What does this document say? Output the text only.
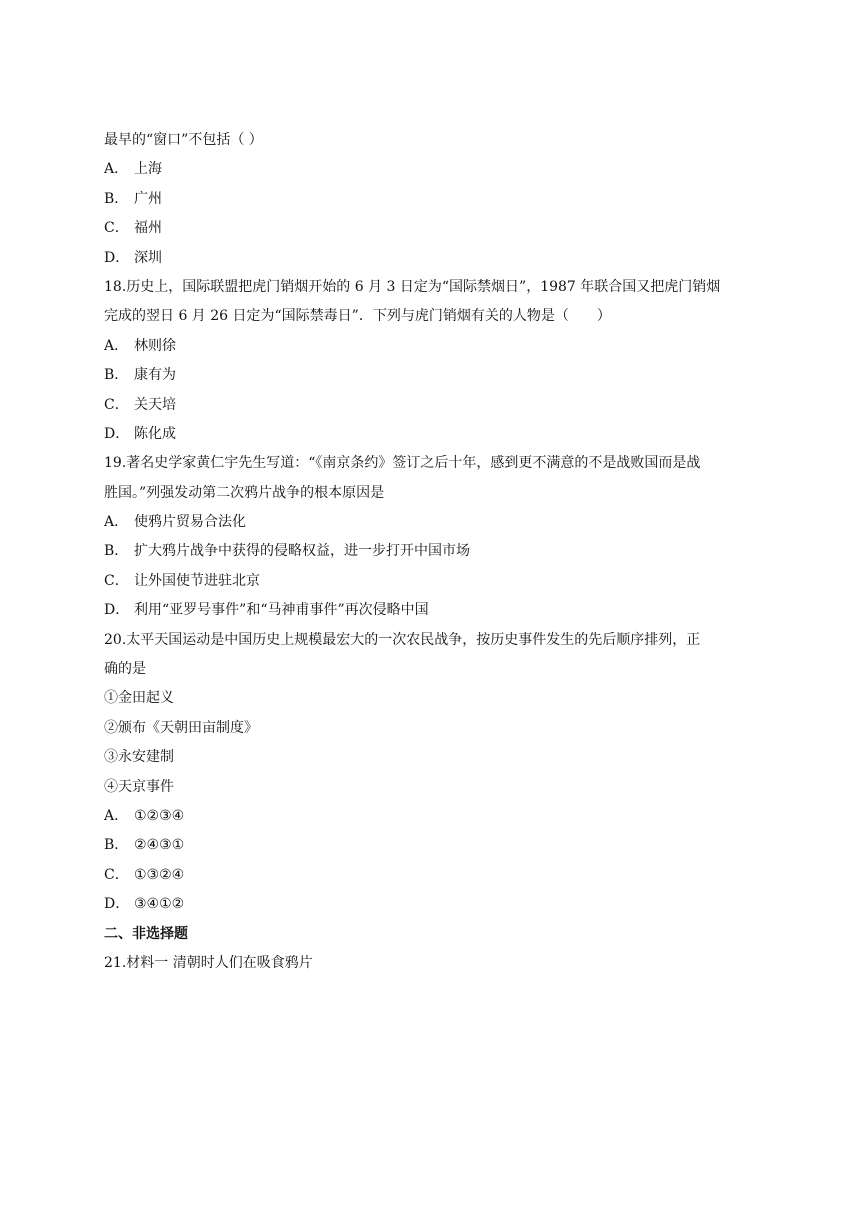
最早的“窗口”不包括（ ）
A． 上海
B． 广州
C． 福州
D． 深圳
18.历史上，国际联盟把虎门销烟开始的 6 月 3 日定为“国际禁烟日”，1987 年联合国又把虎门销烟
完成的翌日 6 月 26 日定为“国际禁毒日”．下列与虎门销烟有关的人物是（　　）
A． 林则徐
B． 康有为
C． 关天培
D． 陈化成
19.著名史学家黄仁宇先生写道：“《南京条约》签订之后十年，感到更不满意的不是战败国而是战
胜国。”列强发动第二次鸦片战争的根本原因是
A． 使鸦片贸易合法化
B． 扩大鸦片战争中获得的侵略权益，进一步打开中国市场
C． 让外国使节进驻北京
D． 利用“亚罗号事件”和“马神甫事件”再次侵略中国
20.太平天国运动是中国历史上规模最宏大的一次农民战争，按历史事件发生的先后顺序排列，正
确的是
①金田起义
②颁布《天朝田亩制度》
③永安建制
④天京事件
A． ①②③④
B． ②④③①
C． ①③②④
D． ③④①②
二、非选择题
21.材料一 清朝时人们在吸食鸦片
